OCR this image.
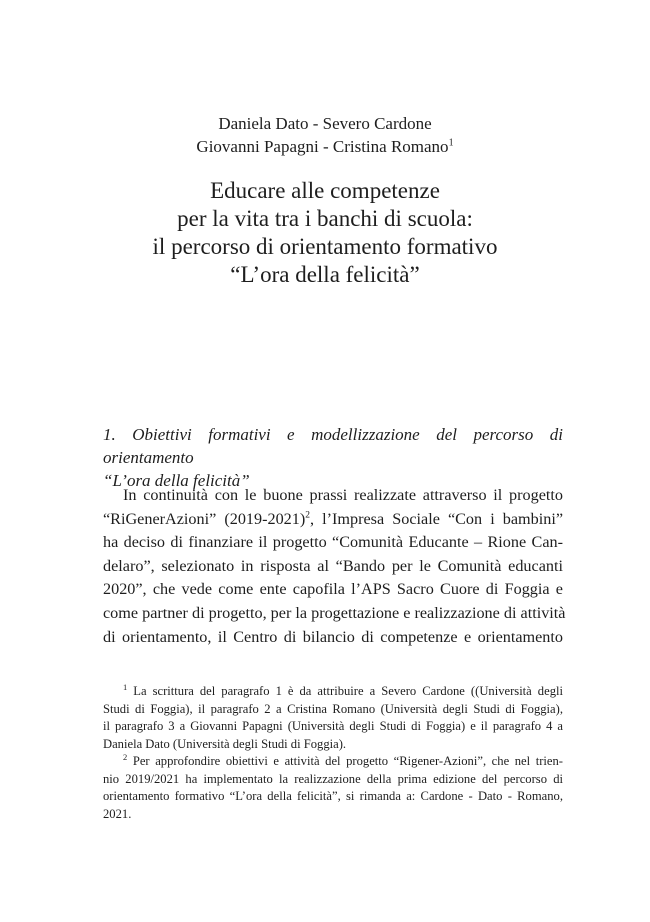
Daniela Dato - Severo Cardone
Giovanni Papagni - Cristina Romano$^1$
Educare alle competenze
per la vita tra i banchi di scuola:
il percorso di orientamento formativo
“L’ora della felicità”
1. Obiettivi formativi e modellizzazione del percorso di orientamento
“L’ora della felicità”
In continuità con le buone prassi realizzate attraverso il progetto
“RiGenerAzioni” (2019-2021)$^2$, l’Impresa Sociale “Con i bambini”
ha deciso di finanziare il progetto “Comunità Educante – Rione Can-
delaro”, selezionato in risposta al “Bando per le Comunità educanti
2020”, che vede come ente capofila l’APS Sacro Cuore di Foggia e
come partner di progetto, per la progettazione e realizzazione di attività
di orientamento, il Centro di bilancio di competenze e orientamento
$^1$ La scrittura del paragrafo 1 è da attribuire a Severo Cardone ((Università degli
Studi di Foggia), il paragrafo 2 a Cristina Romano (Università degli Studi di Foggia),
il paragrafo 3 a Giovanni Papagni (Università degli Studi di Foggia) e il paragrafo 4 a
Daniela Dato (Università degli Studi di Foggia).
$^2$ Per approfondire obiettivi e attività del progetto “Rigener-Azioni”, che nel trien-
nio 2019/2021 ha implementato la realizzazione della prima edizione del percorso di
orientamento formativo “L’ora della felicità”, si rimanda a: Cardone - Dato - Romano,
2021.
